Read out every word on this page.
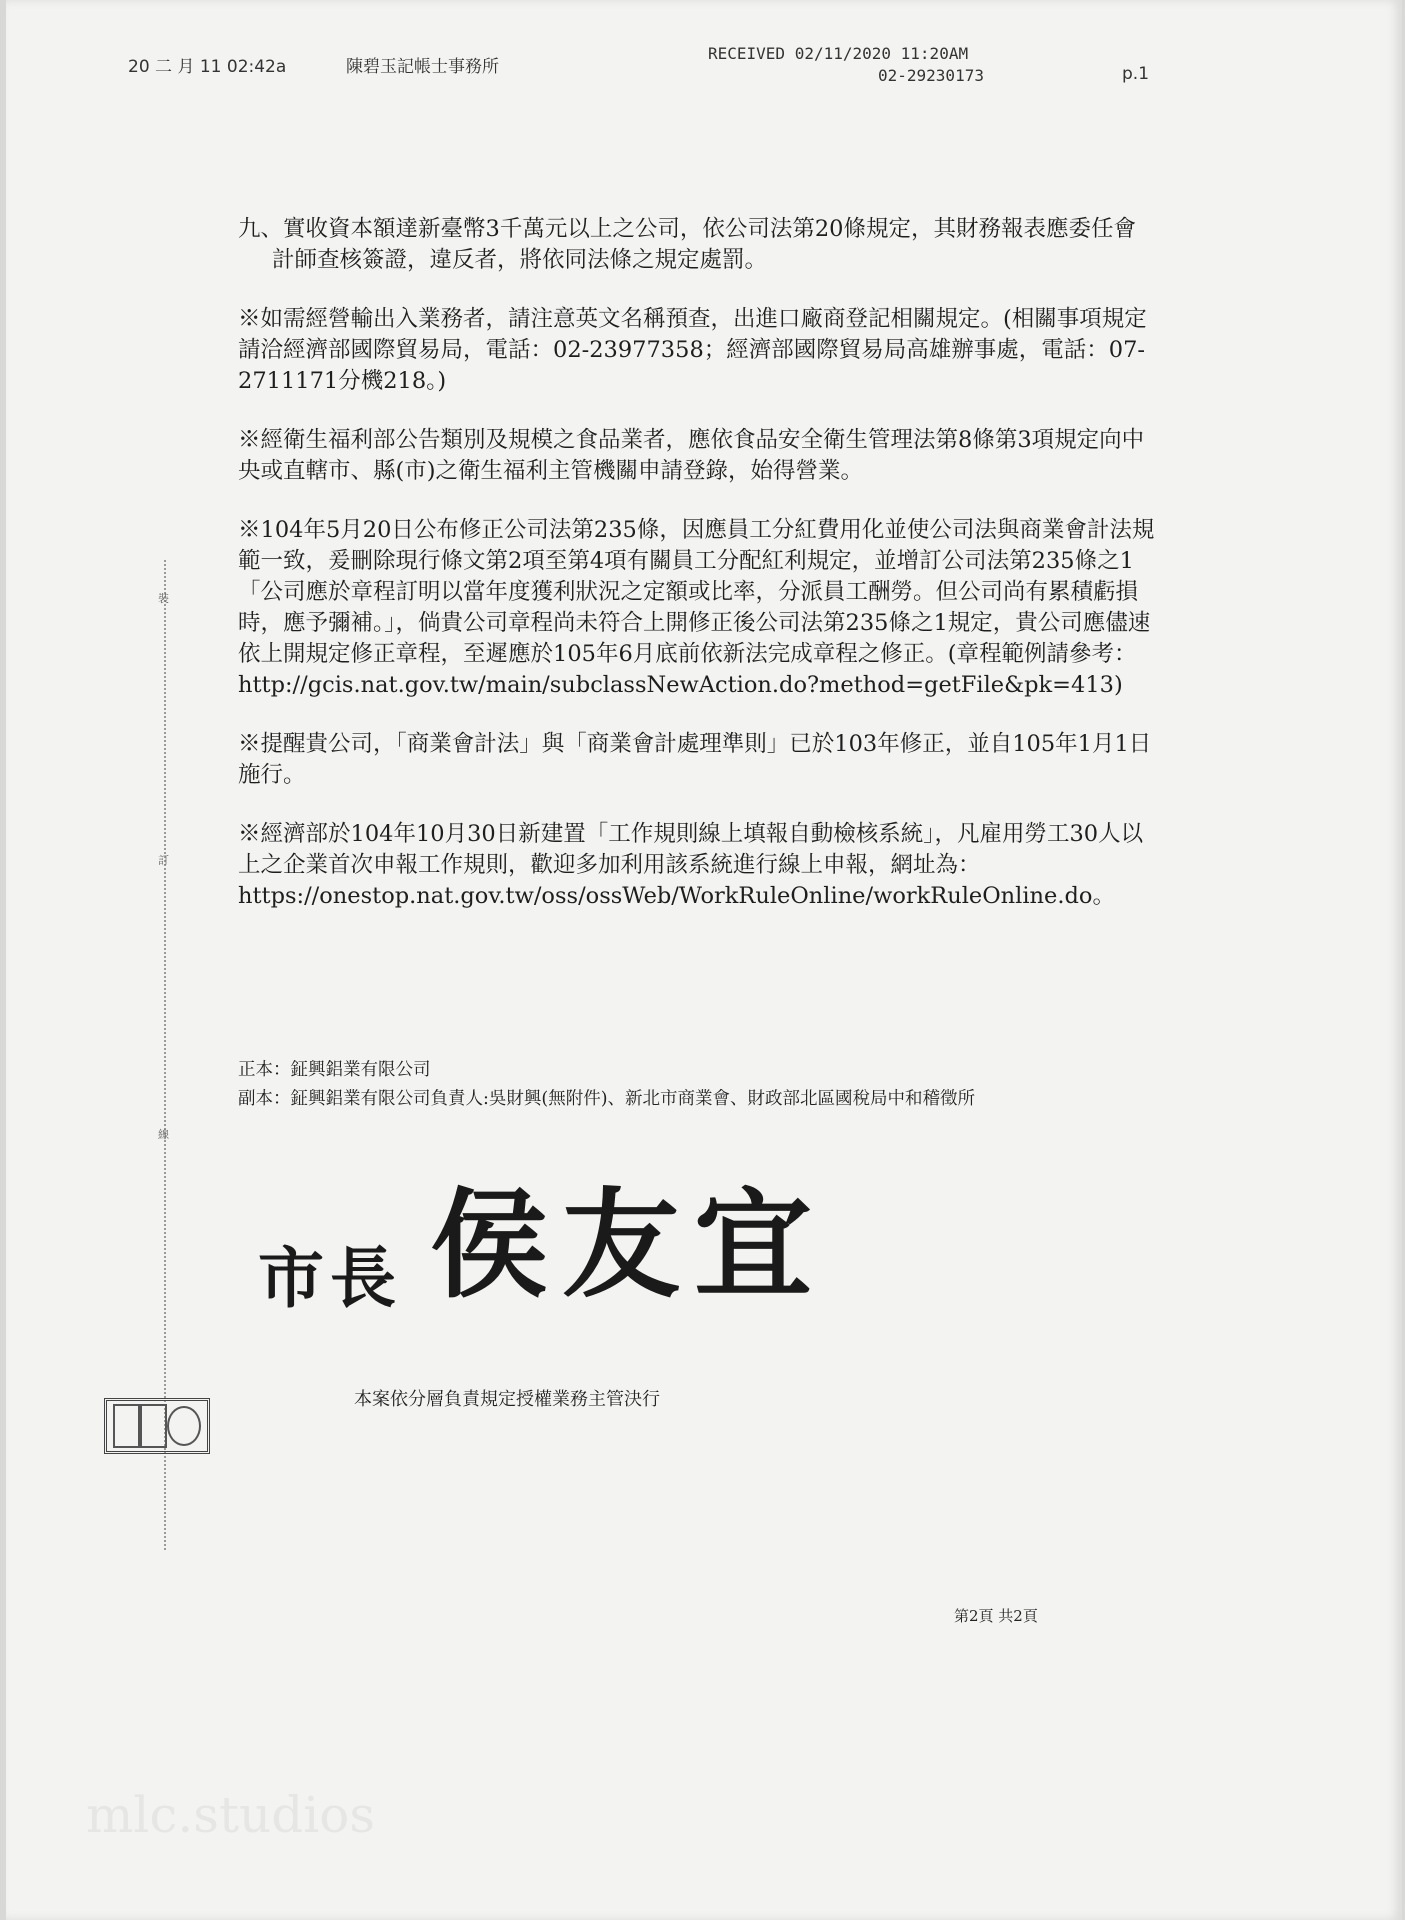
20 二 月 11 02:42a	陳碧玉記帳士事務所
RECEIVED 02/11/2020 11:20AM
02-29230173	p.1
mlc.studios

九、實收資本額達新臺幣3千萬元以上之公司，依公司法第20條規定，其財務報表應委任會計師查核簽證，違反者，將依同法條之規定處罰。

※如需經營輸出入業務者，請注意英文名稱預查，出進口廠商登記相關規定。(相關事項規定請洽經濟部國際貿易局，電話：02-23977358；經濟部國際貿易局高雄辦事處，電話：07-2711171分機218。)

※經衛生福利部公告類別及規模之食品業者，應依食品安全衛生管理法第8條第3項規定向中央或直轄市、縣(市)之衛生福利主管機關申請登錄，始得營業。

※104年5月20日公布修正公司法第235條，因應員工分紅費用化並使公司法與商業會計法規範一致，爰刪除現行條文第2項至第4項有關員工分配紅利規定，並增訂公司法第235條之1「公司應於章程訂明以當年度獲利狀況之定額或比率，分派員工酬勞。但公司尚有累積虧損時，應予彌補。」，倘貴公司章程尚未符合上開修正後公司法第235條之1規定，貴公司應儘速依上開規定修正章程，至遲應於105年6月底前依新法完成章程之修正。(章程範例請參考：http://gcis.nat.gov.tw/main/subclassNewAction.do?method=getFile&pk=413)

※提醒貴公司，「商業會計法」與「商業會計處理準則」已於103年修正，並自105年1月1日施行。

※經濟部於104年10月30日新建置「工作規則線上填報自動檢核系統」，凡雇用勞工30人以上之企業首次申報工作規則，歡迎多加利用該系統進行線上申報，網址為：https://onestop.nat.gov.tw/oss/ossWeb/WorkRuleOnline/workRuleOnline.do。

裝
訂
線
正本： 鉦興鋁業有限公司
副本： 鉦興鋁業有限公司負責人:吳財興(無附件)、新北市商業會、財政部北區國稅局中和稽徵所
市長 侯友宜
本案依分層負責規定授權業務主管決行
第2頁 共2頁
